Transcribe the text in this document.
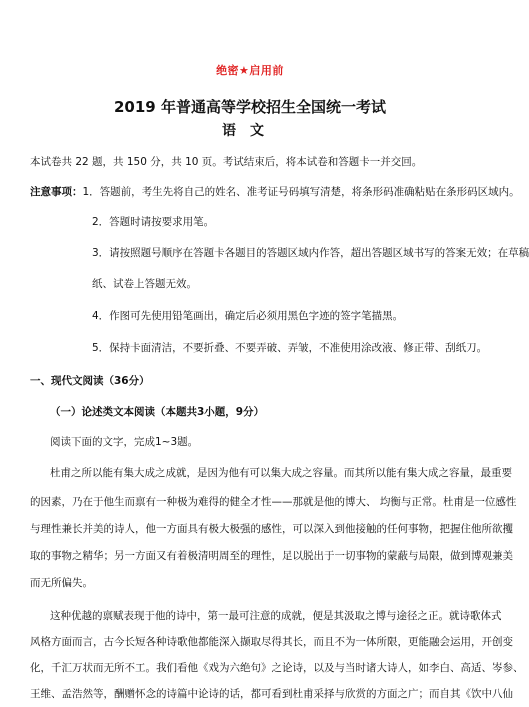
绝密★启用前
2019 年普通高等学校招生全国统一考试
语文
本试卷共 22 题，共 150 分，共 10 页。考试结束后，将本试卷和答题卡一并交回。
注意事项：1．答题前，考生先将自己的姓名、准考证号码填写清楚，将条形码准确粘贴在条形码区域内。
2．答题时请按要求用笔。
3．请按照题号顺序在答题卡各题目的答题区域内作答，超出答题区域书写的答案无效；在草稿
纸、试卷上答题无效。
4．作图可先使用铅笔画出，确定后必须用黑色字迹的签字笔描黑。
5．保持卡面清洁，不要折叠、不要弄破、弄皱，不准使用涂改液、修正带、刮纸刀。
一、现代文阅读（36分）
（一）论述类文本阅读（本题共3小题，9分）
阅读下面的文字，完成1~3题。
杜甫之所以能有集大成之成就，是因为他有可以集大成之容量。而其所以能有集大成之容量，最重要
的因素，乃在于他生而禀有一种极为难得的健全才性——那就是他的博大、 均衡与正常。杜甫是一位感性
与理性兼长并美的诗人，他一方面具有极大极强的感性，可以深入到他接触的任何事物，把握住他所欲攫
取的事物之精华；另一方面又有着极清明周至的理性，足以脱出于一切事物的蒙蔽与局限，做到博观兼美
而无所偏失。
这种优越的禀赋表现于他的诗中，第一最可注意的成就，便是其汲取之博与途径之正。就诗歌体式
风格方面而言，古今长短各种诗歌他都能深入撷取尽得其长，而且不为一体所限，更能融会运用，开创变
化，千汇万状而无所不工。我们看他《戏为六绝句》之论诗，以及与当时诸大诗人，如李白、高适、岑参、
王维、孟浩然等，酬赠怀念的诗篇中论诗的话，都可看到杜甫采择与欣赏的方面之广；而自其《饮中八仙
